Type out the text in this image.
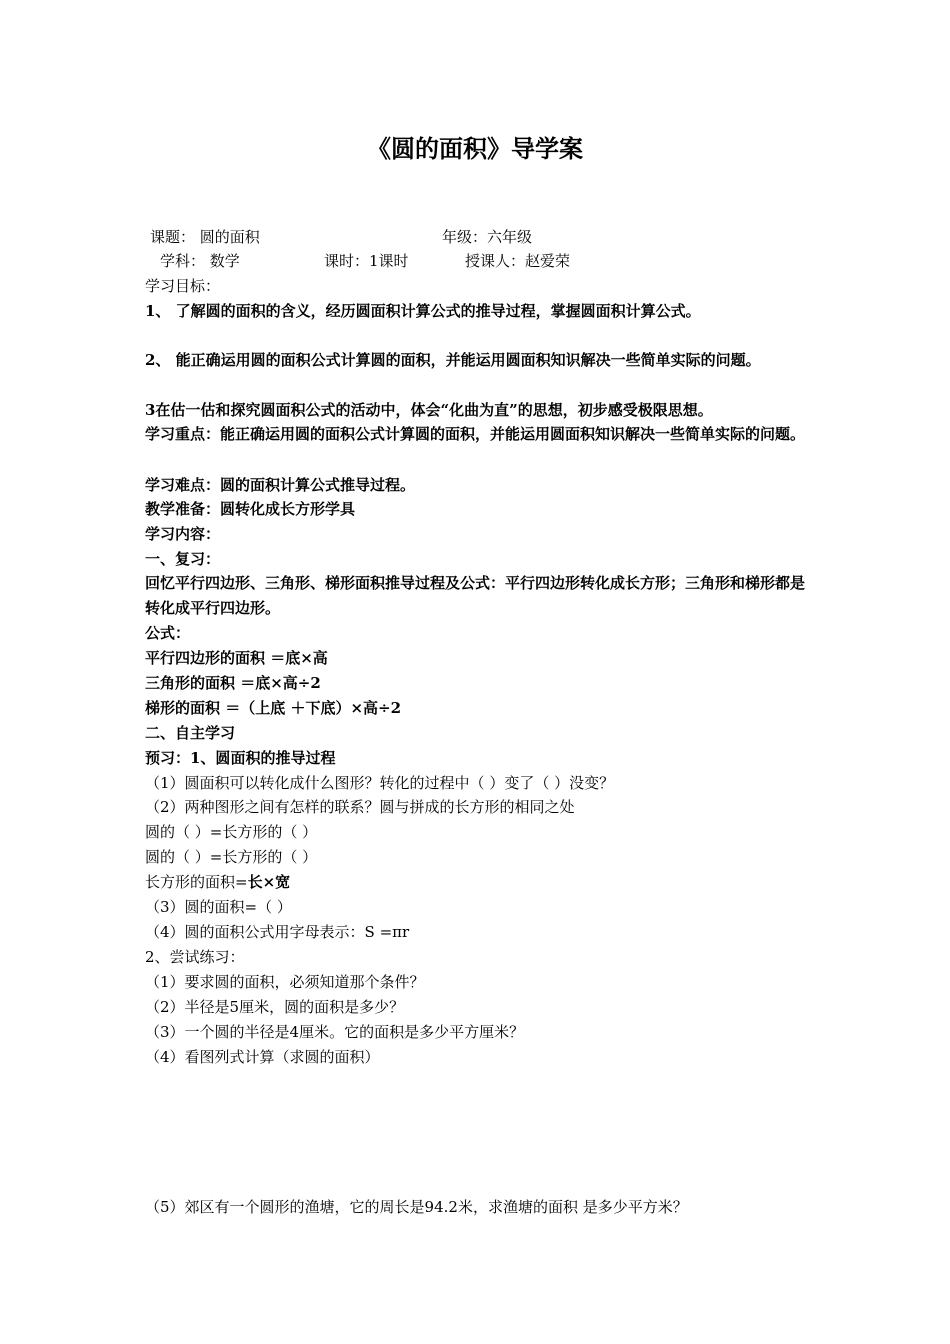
《圆的面积》导学案
课题： 圆的面积	年级：六年级
学科： 数学	课时：1课时	授课人：赵爱荣
学习目标：
1、 了解圆的面积的含义，经历圆面积计算公式的推导过程，掌握圆面积计算公式。
2、 能正确运用圆的面积公式计算圆的面积，并能运用圆面积知识解决一些简单实际的问题。
3在估一估和探究圆面积公式的活动中，体会“化曲为直”的思想，初步感受极限思想。
学习重点：能正确运用圆的面积公式计算圆的面积，并能运用圆面积知识解决一些简单实际的问题。
学习难点：圆的面积计算公式推导过程。
教学准备：圆转化成长方形学具
学习内容：
一、复习：
回忆平行四边形、三角形、梯形面积推导过程及公式：平行四边形转化成长方形；三角形和梯形都是转化成平行四边形。
公式：
平行四边形的面积 ＝底×高
三角形的面积 ＝底×高÷2
梯形的面积 ＝（上底 ＋下底）×高÷2
二、自主学习
预习：1、圆面积的推导过程
（1）圆面积可以转化成什么图形？转化的过程中（ ）变了（ ）没变？
（2）两种图形之间有怎样的联系？圆与拼成的长方形的相同之处
圆的（ ）=长方形的（ ）
圆的（ ）=长方形的（ ）
长方形的面积=长×宽
（3）圆的面积=（ ）
（4）圆的面积公式用字母表示：S =πr
2、尝试练习：
（1）要求圆的面积，必须知道那个条件？
（2）半径是5厘米，圆的面积是多少？
（3）一个圆的半径是4厘米。它的面积是多少平方厘米？
（4）看图列式计算（求圆的面积）
（5）郊区有一个圆形的渔塘，它的周长是94.2米，求渔塘的面积 是多少平方米？
